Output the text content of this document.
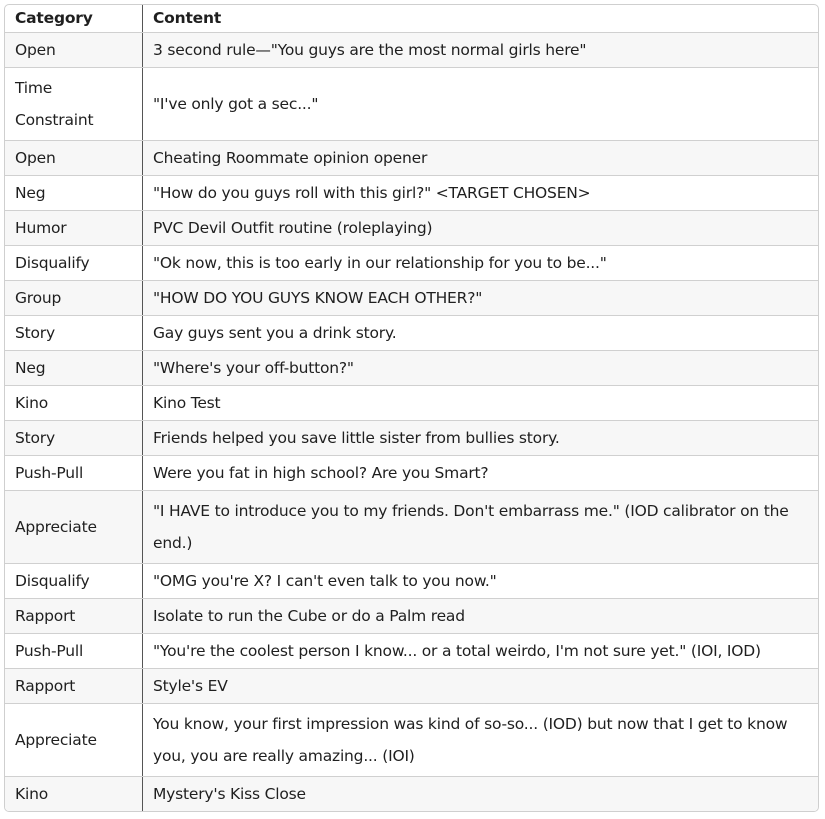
Category	Content
Open	3 second rule—"You guys are the most normal girls here"
Time Constraint	"I've only got a sec..."
Open	Cheating Roommate opinion opener
Neg	"How do you guys roll with this girl?" <TARGET CHOSEN>
Humor	PVC Devil Outfit routine (roleplaying)
Disqualify	"Ok now, this is too early in our relationship for you to be..."
Group	"HOW DO YOU GUYS KNOW EACH OTHER?"
Story	Gay guys sent you a drink story.
Neg	"Where's your off-button?"
Kino	Kino Test
Story	Friends helped you save little sister from bullies story.
Push-Pull	Were you fat in high school? Are you Smart?
Appreciate	"I HAVE to introduce you to my friends. Don't embarrass me." (IOD calibrator on the end.)
Disqualify	"OMG you're X? I can't even talk to you now."
Rapport	Isolate to run the Cube or do a Palm read
Push-Pull	"You're the coolest person I know... or a total weirdo, I'm not sure yet." (IOI, IOD)
Rapport	Style's EV
Appreciate	You know, your first impression was kind of so-so... (IOD) but now that I get to know you, you are really amazing... (IOI)
Kino	Mystery's Kiss Close
